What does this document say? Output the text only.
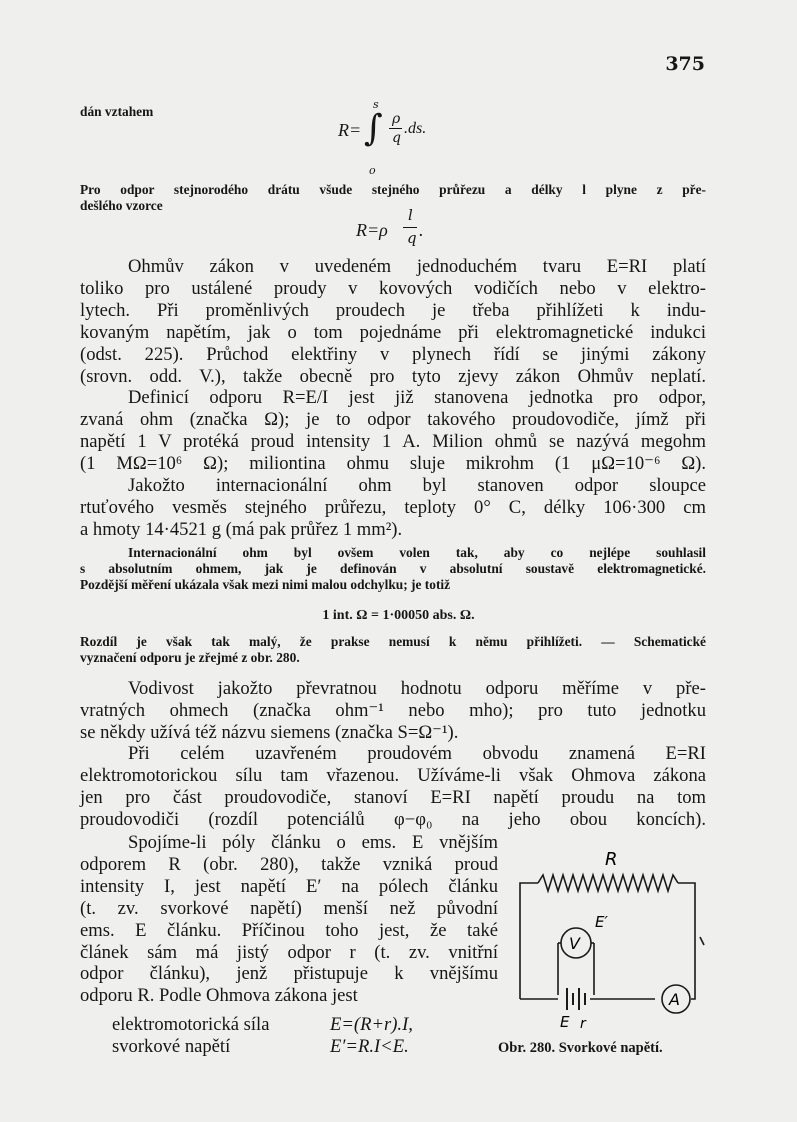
375
dán vztahem
R= ∫
s
o
ρ
q
.ds.
Pro odpor stejnorodého drátu všude stejného průřezu a délky l plyne z pře-
dešlého vzorce
R=ρ
l
q .
Ohmův zákon v uvedeném jednoduchém tvaru E=RI platí
toliko pro ustálené proudy v kovových vodičích nebo v elektro-
lytech. Při proměnlivých proudech je třeba přihlížeti k indu-
kovaným napětím, jak o tom pojednáme při elektromagnetické indukci
(odst. 225). Průchod elektřiny v plynech řídí se jinými zákony
(srovn. odd. V.), takže obecně pro tyto zjevy zákon Ohmův neplatí.
Definicí odporu R=E/I jest již stanovena jednotka pro odpor,
zvaná ohm (značka Ω); je to odpor takového proudovodiče, jímž při
napětí 1 V protéká proud intensity 1 A. Milion ohmů se nazývá megohm
(1 MΩ=10⁶ Ω); miliontina ohmu sluje mikrohm (1 μΩ=10⁻⁶ Ω).
Jakožto internacionální ohm byl stanoven odpor sloupce
rtuťového vesměs stejného průřezu, teploty 0° C, délky 106·300 cm
a hmoty 14·4521 g (má pak průřez 1 mm²).
Internacionální ohm byl ovšem volen tak, aby co nejlépe souhlasil
s absolutním ohmem, jak je definován v absolutní soustavě elektromagnetické.
Pozdější měření ukázala však mezi nimi malou odchylku; je totiž
1 int. Ω = 1·00050 abs. Ω.
Rozdíl je však tak malý, že prakse nemusí k němu přihlížeti. — Schematické
vyznačení odporu je zřejmé z obr. 280.
Vodivost jakožto převratnou hodnotu odporu měříme v pře-
vratných ohmech (značka ohm⁻¹ nebo mho); pro tuto jednotku
se někdy užívá též názvu siemens (značka S=Ω⁻¹).
Při celém uzavřeném proudovém obvodu znamená E=RI
elektromotorickou sílu tam vřazenou. Užíváme-li však Ohmova zákona
jen pro část proudovodiče, stanoví E=RI napětí proudu na tom
proudovodiči (rozdíl potenciálů φ−φ₀ na jeho obou koncích).
Spojíme-li póly článku o ems. E vnějším
odporem R (obr. 280), takže vzniká proud
intensity I, jest napětí E′ na pólech článku
(t. zv. svorkové napětí) menší než původní
ems. E článku. Příčinou toho jest, že také
článek sám má jistý odpor r (t. zv. vnitřní
odpor článku), jenž přistupuje k vnějšímu
odporu R. Podle Ohmova zákona jest
elektromotorická síla	E=(R+r).I,
svorkové napětí	E′=R.I<E.
R
E′
V
A
E r
Obr. 280. Svorkové napětí.
